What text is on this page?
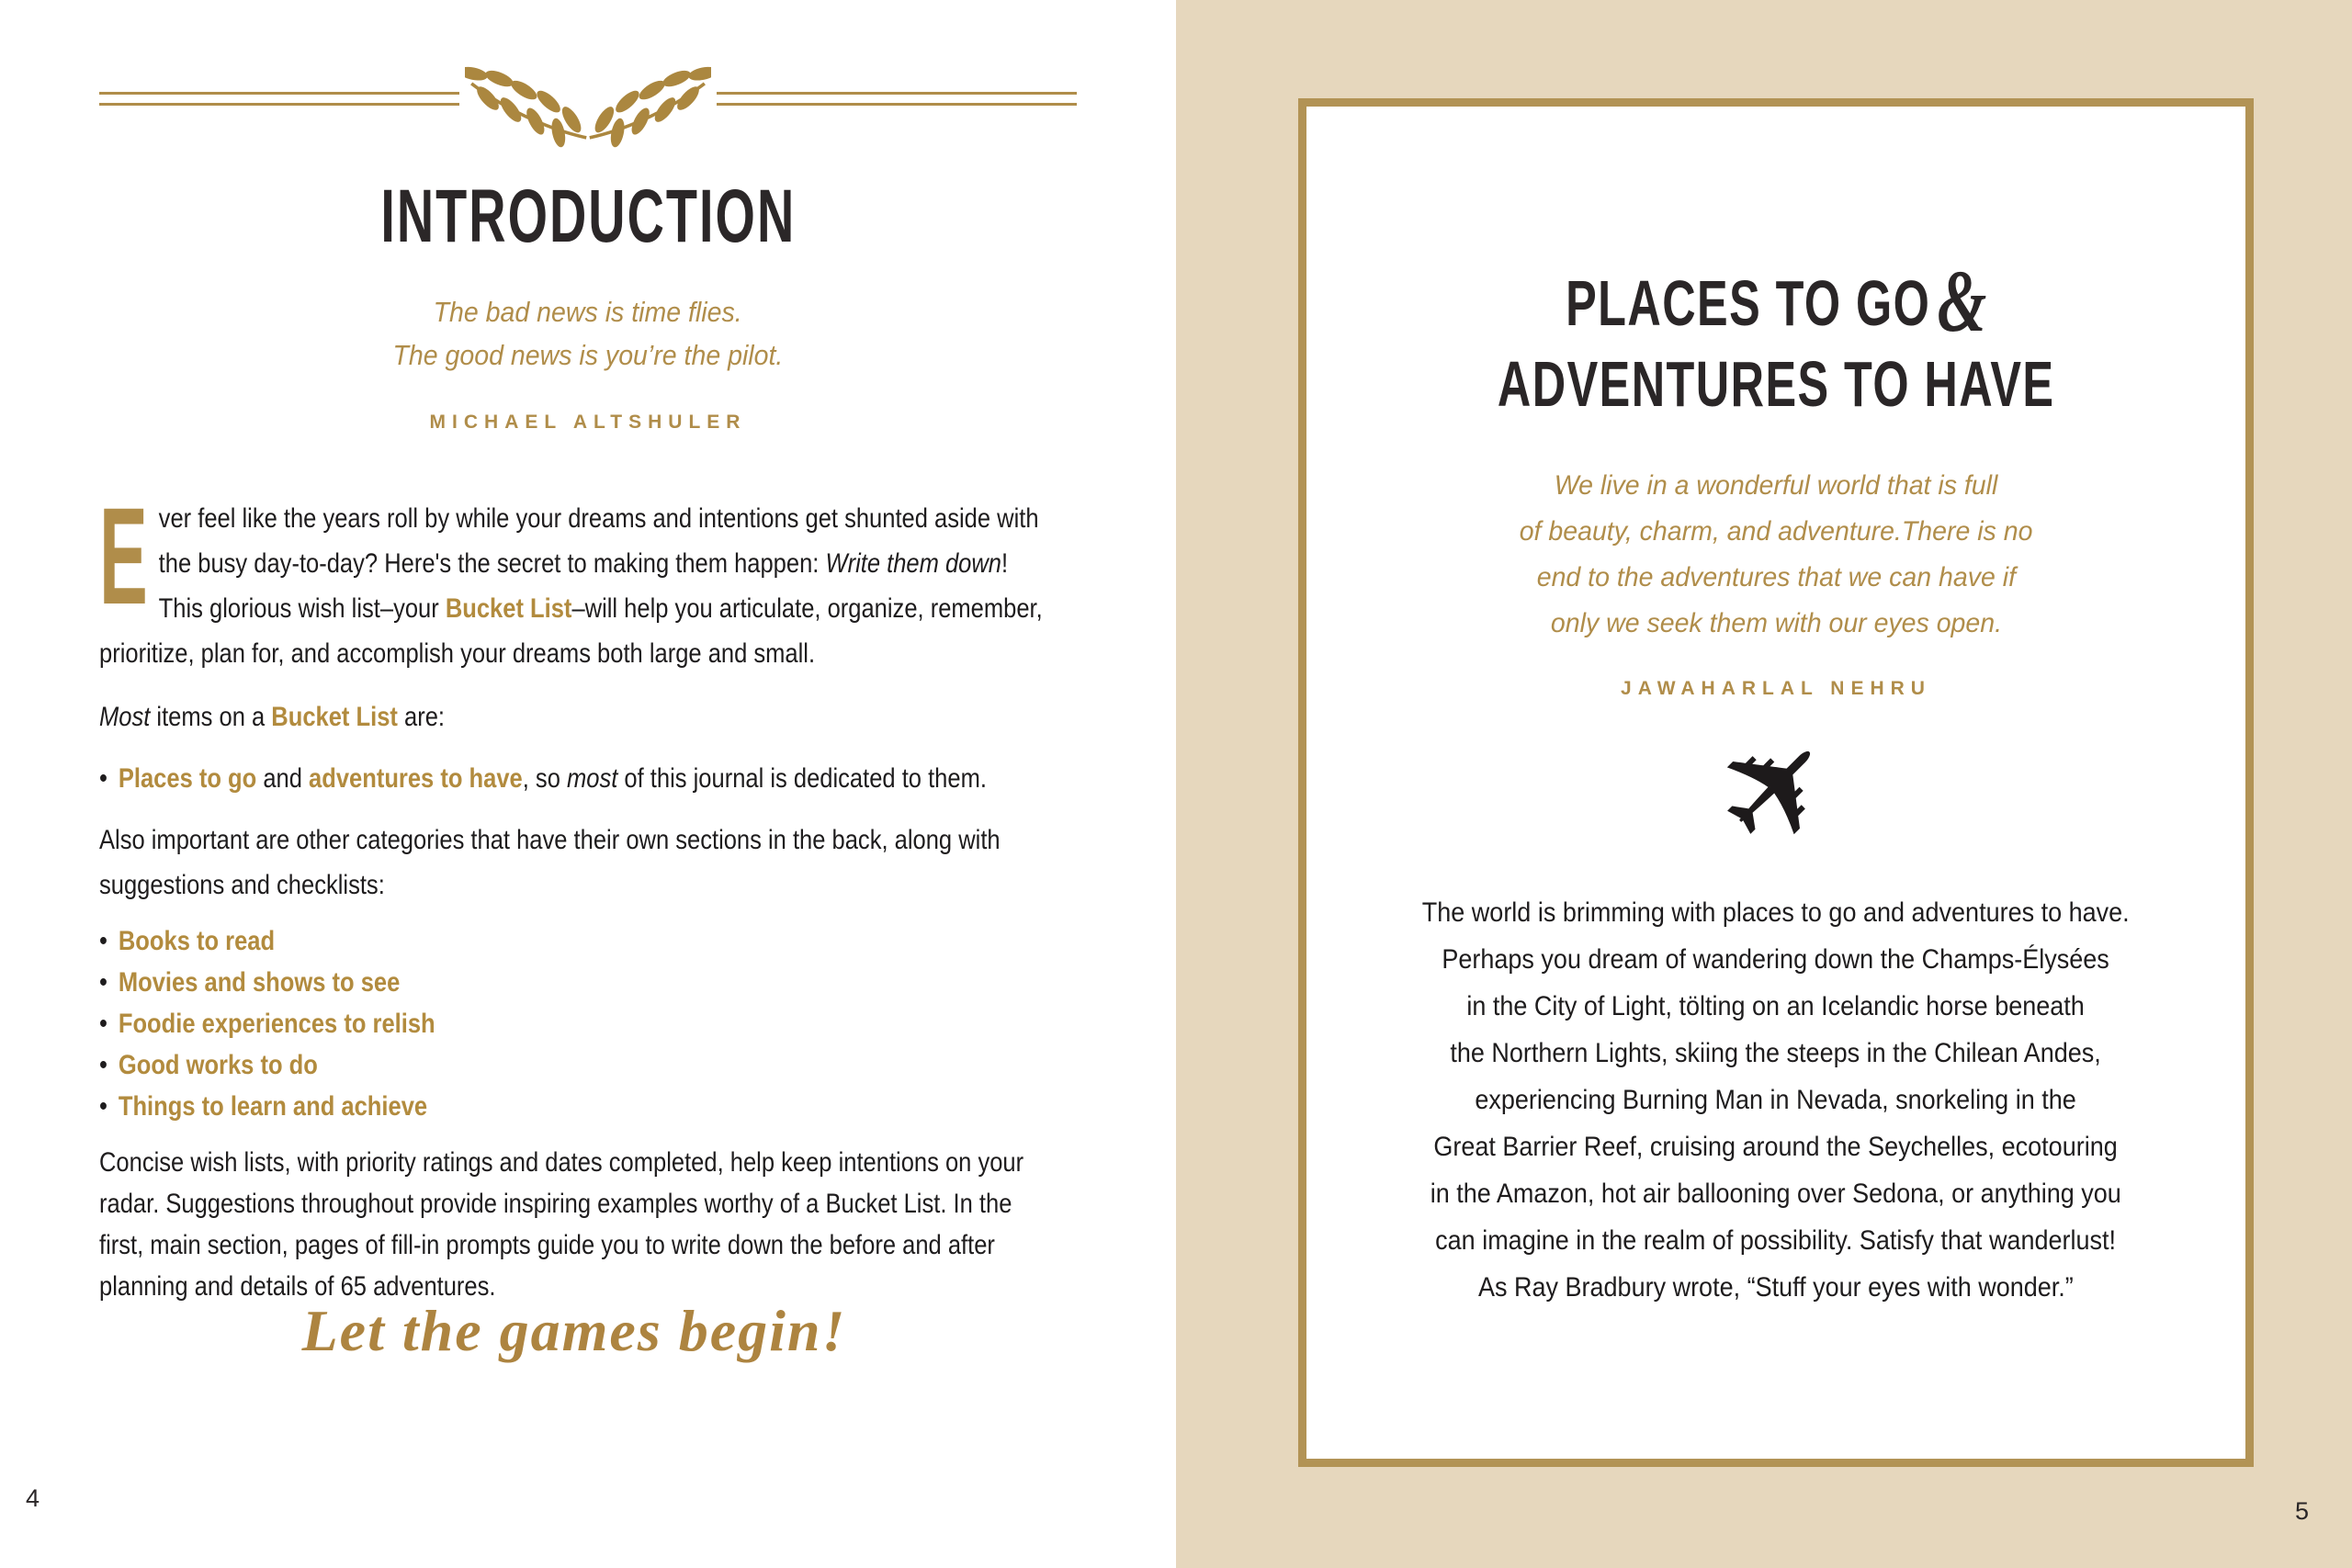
INTRODUCTION
The bad news is time flies.
The good news is you’re the pilot.
MICHAEL ALTSHULER
Ever feel like the years roll by while your dreams and intentions get shunted aside with the busy day-to-day? Here's the secret to making them happen: Write them down! This glorious wish list–your Bucket List–will help you articulate, organize, remember, prioritize, plan for, and accomplish your dreams both large and small.
Most items on a Bucket List are:
• Places to go and adventures to have, so most of this journal is dedicated to them.
Also important are other categories that have their own sections in the back, along with suggestions and checklists:
• Books to read
• Movies and shows to see
• Foodie experiences to relish
• Good works to do
• Things to learn and achieve
Concise wish lists, with priority ratings and dates completed, help keep intentions on your radar. Suggestions throughout provide inspiring examples worthy of a Bucket List. In the first, main section, pages of fill-in prompts guide you to write down the before and after planning and details of 65 adventures.
Let the games begin!
4
PLACES TO GO&
ADVENTURES TO HAVE
We live in a wonderful world that is full
of beauty, charm, and adventure.There is no
end to the adventures that we can have if
only we seek them with our eyes open.
JAWAHARLAL NEHRU
✈
The world is brimming with places to go and adventures to have.
Perhaps you dream of wandering down the Champs-Élysées
in the City of Light, tölting on an Icelandic horse beneath
the Northern Lights, skiing the steeps in the Chilean Andes,
experiencing Burning Man in Nevada, snorkeling in the
Great Barrier Reef, cruising around the Seychelles, ecotouring
in the Amazon, hot air ballooning over Sedona, or anything you
can imagine in the realm of possibility. Satisfy that wanderlust!
As Ray Bradbury wrote, “Stuff your eyes with wonder.”
5
